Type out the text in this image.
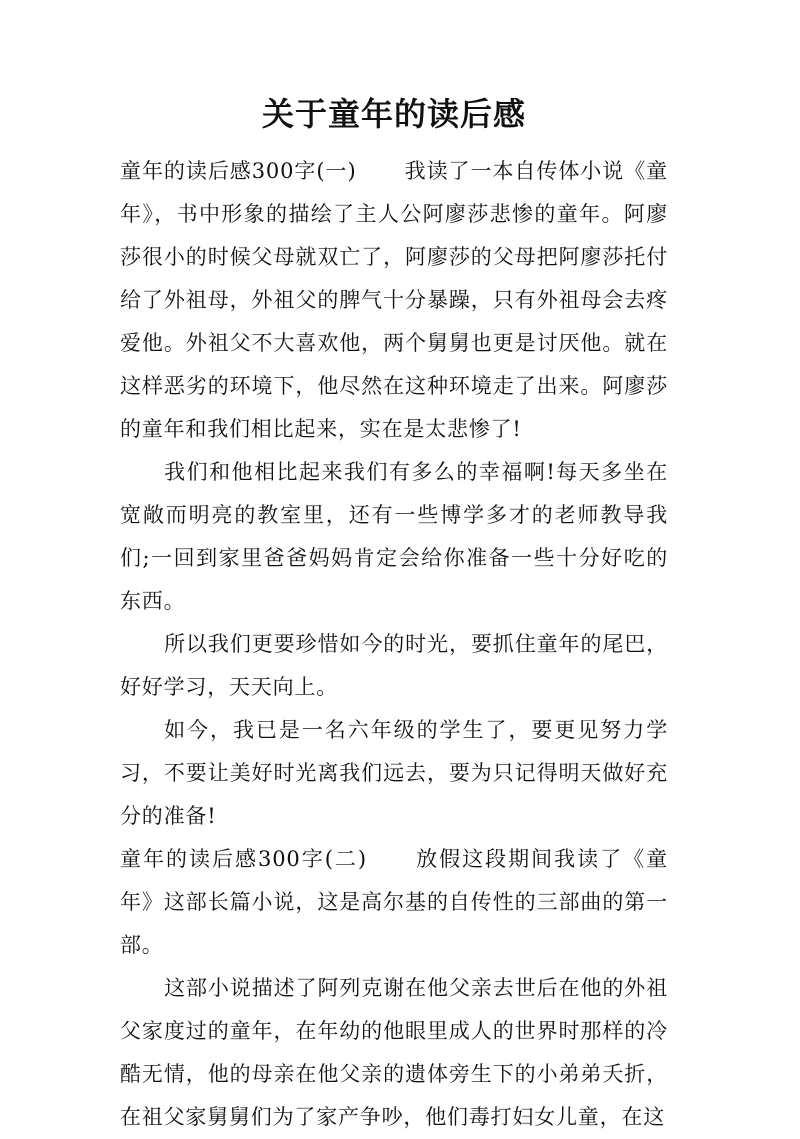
关于童年的读后感

童年的读后感300字(一) 我读了一本自传体小说《童年》，书中形象的描绘了主人公阿廖莎悲惨的童年。阿廖莎很小的时候父母就双亡了，阿廖莎的父母把阿廖莎托付给了外祖母，外祖父的脾气十分暴躁，只有外祖母会去疼爱他。外祖父不大喜欢他，两个舅舅也更是讨厌他。就在这样恶劣的环境下，他尽然在这种环境走了出来。阿廖莎的童年和我们相比起来，实在是太悲惨了!

我们和他相比起来我们有多么的幸福啊!每天多坐在宽敞而明亮的教室里，还有一些博学多才的老师教导我们;一回到家里爸爸妈妈肯定会给你准备一些十分好吃的东西。

所以我们更要珍惜如今的时光，要抓住童年的尾巴，好好学习，天天向上。

如今，我已是一名六年级的学生了，要更见努力学习，不要让美好时光离我们远去，要为只记得明天做好充分的准备!

童年的读后感300字(二) 放假这段期间我读了《童年》这部长篇小说，这是高尔基的自传性的三部曲的第一部。

这部小说描述了阿列克谢在他父亲去世后在他的外祖父家度过的童年，在年幼的他眼里成人的世界时那样的冷酷无情，他的母亲在他父亲的遗体旁生下的小弟弟夭折，在祖父家舅舅们为了家产争吵，他们毒打妇女儿童，在这
